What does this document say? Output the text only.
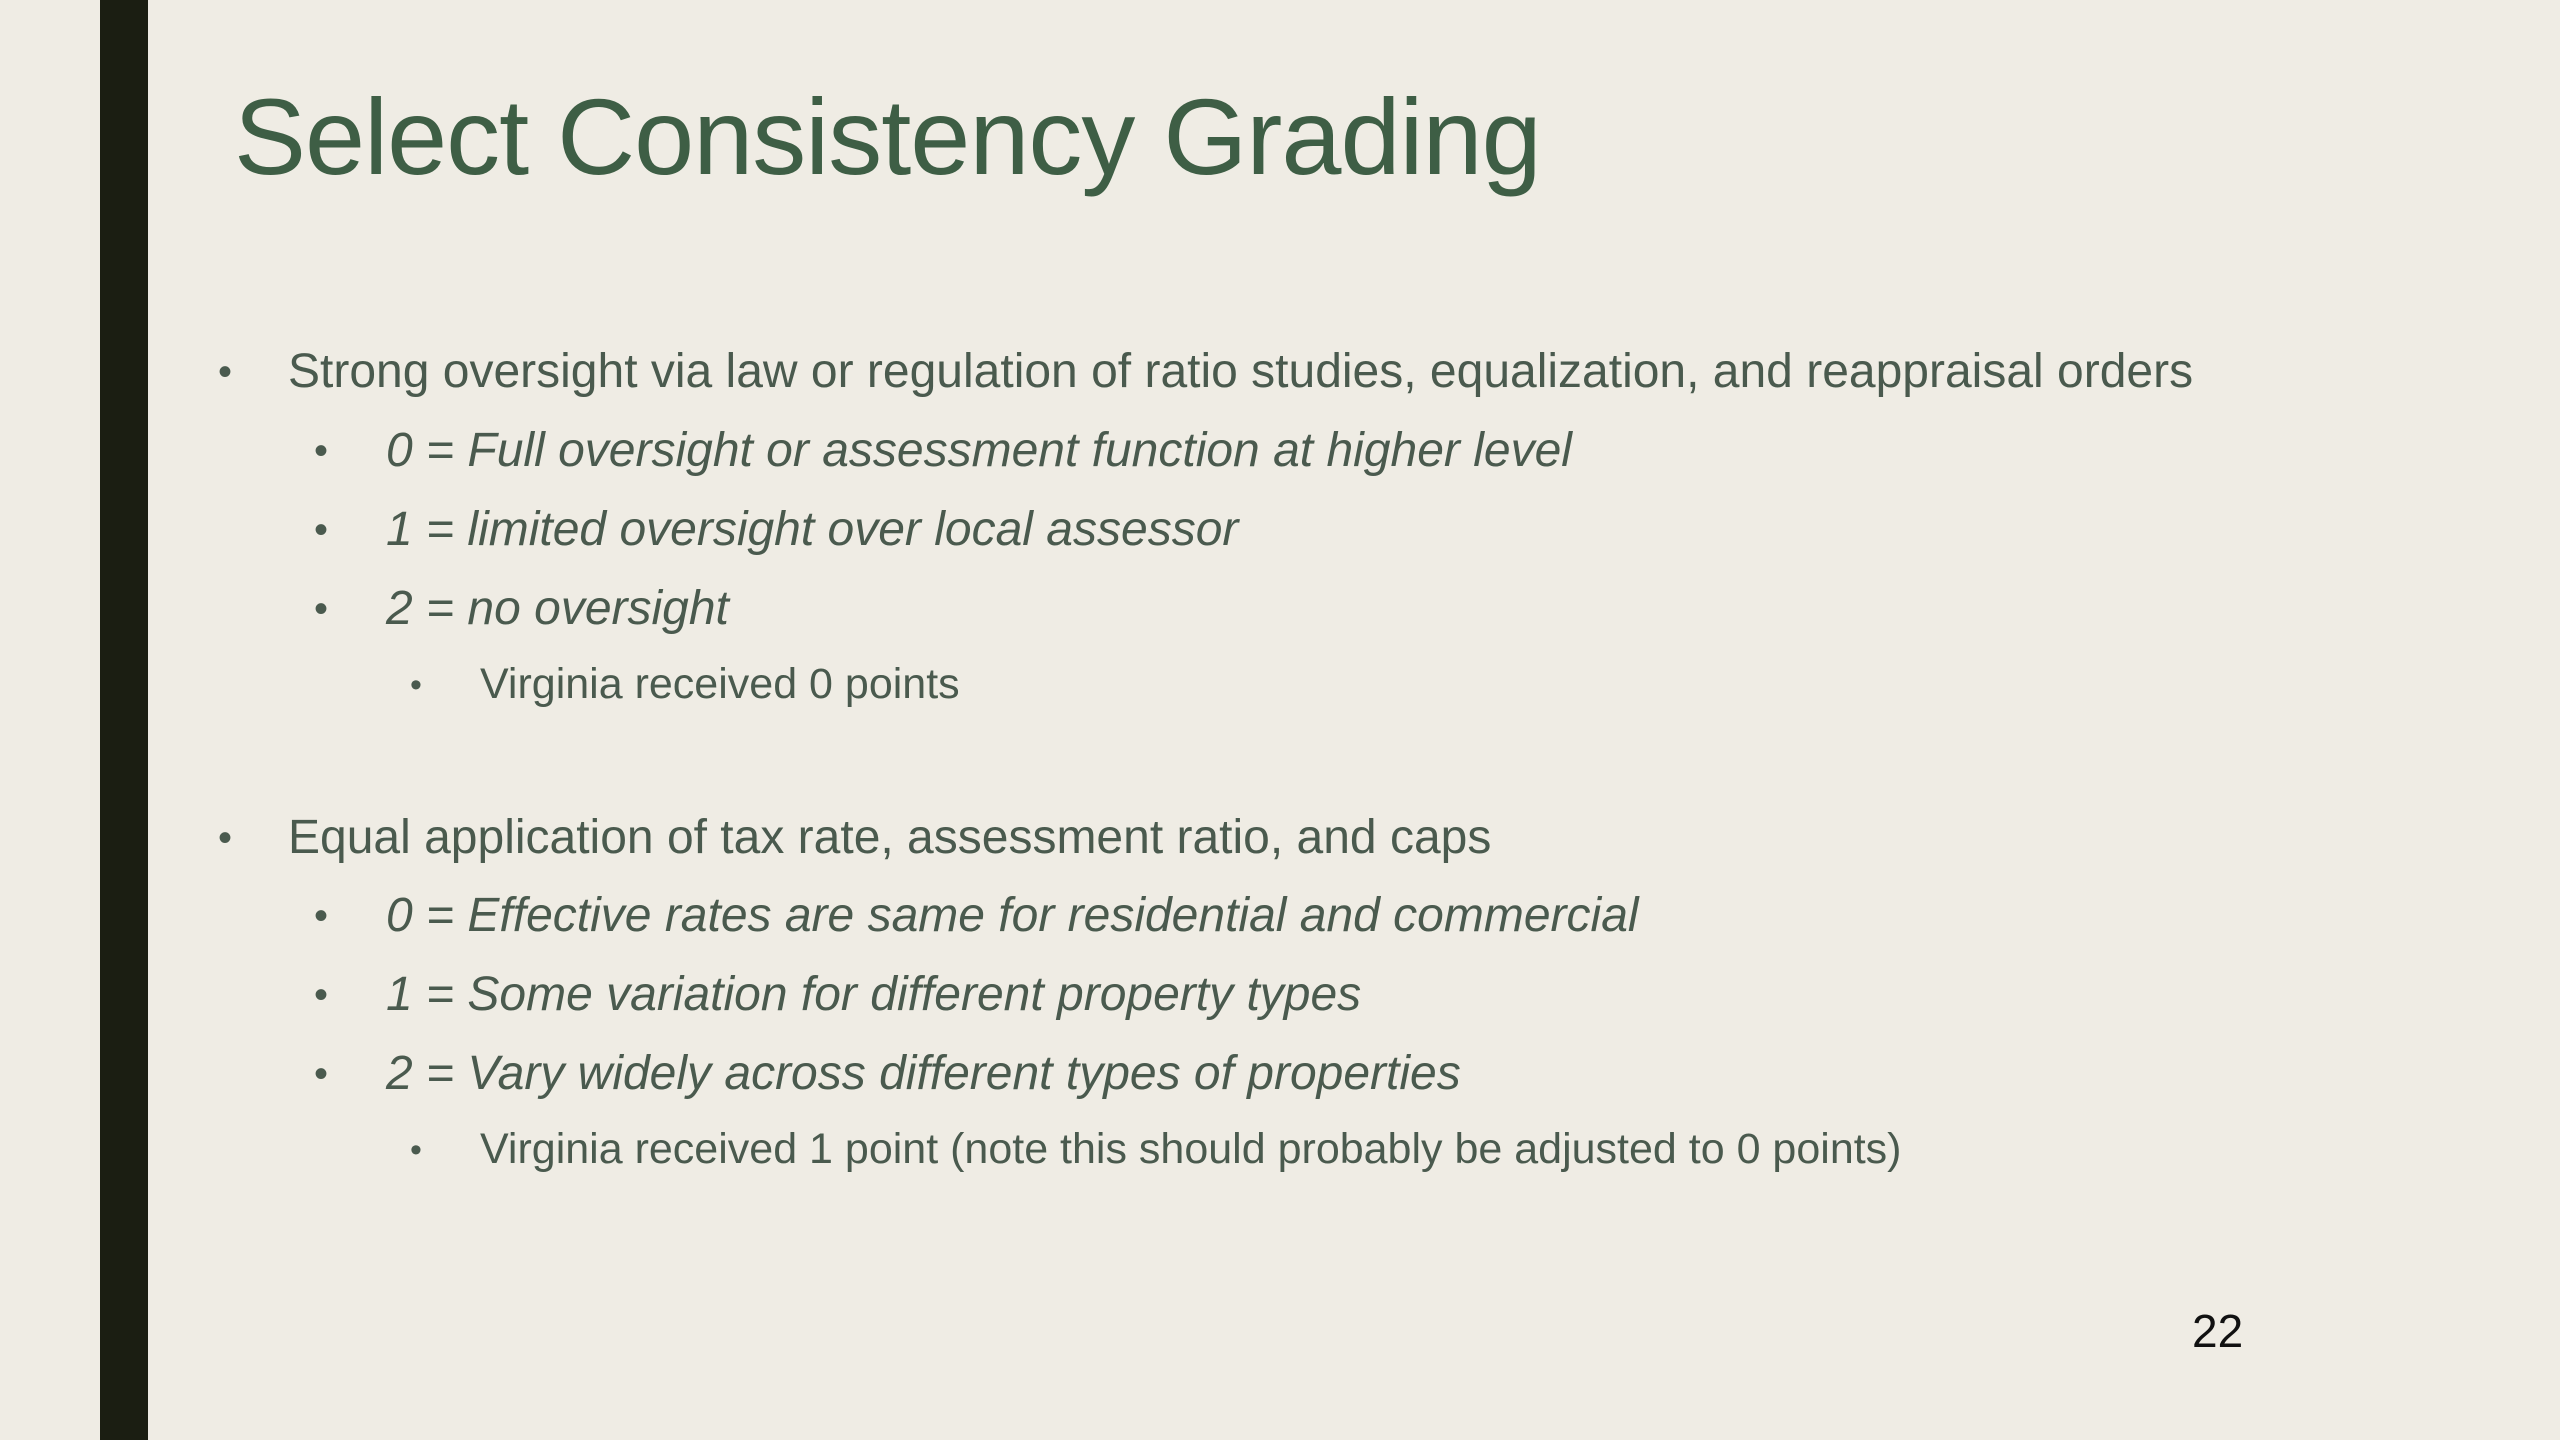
Select Consistency Grading
• Strong oversight via law or regulation of ratio studies, equalization, and reappraisal orders
• 0 = Full oversight or assessment function at higher level
• 1 = limited oversight over local assessor
• 2 = no oversight
• Virginia received 0 points
• Equal application of tax rate, assessment ratio, and caps
• 0 = Effective rates are same for residential and commercial
• 1 = Some variation for different property types
• 2 = Vary widely across different types of properties
• Virginia received 1 point (note this should probably be adjusted to 0 points)
22
